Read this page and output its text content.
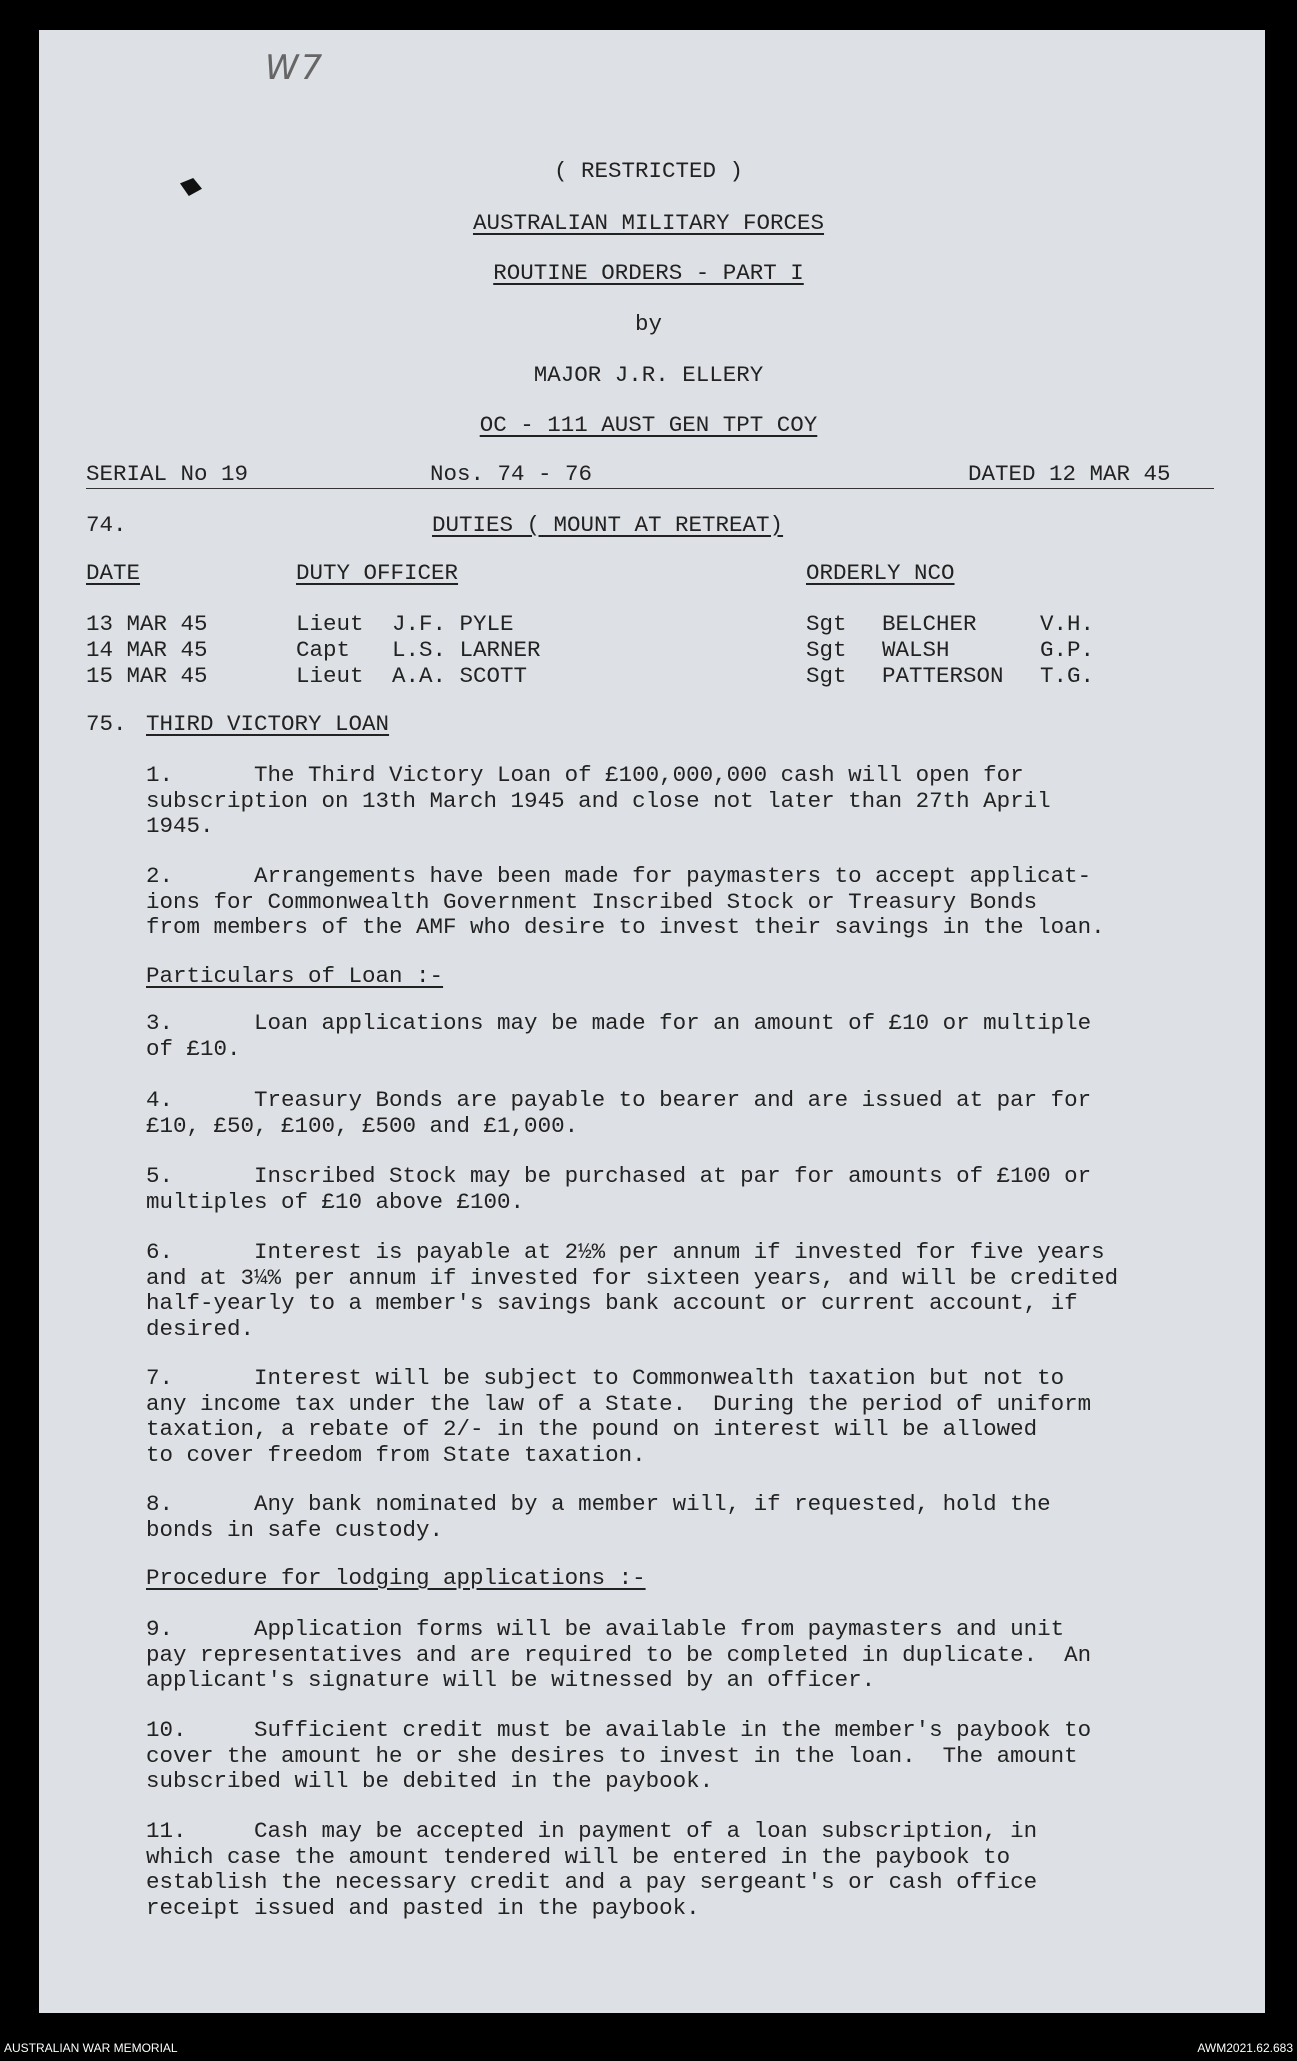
W7
( RESTRICTED )
AUSTRALIAN MILITARY FORCES
ROUTINE ORDERS - PART I
by
MAJOR J.R. ELLERY
OC - 111 AUST GEN TPT COY
SERIAL No 19	Nos. 74 - 76	DATED 12 MAR 45
74.	DUTIES ( MOUNT AT RETREAT)
DATE	DUTY OFFICER	ORDERLY NCO
13 MAR 45	Lieut J.F. PYLE	Sgt BELCHER	V.H.
14 MAR 45	Capt L.S. LARNER	Sgt WALSH	G.P.
15 MAR 45	Lieut A.A. SCOTT	Sgt PATTERSON T.G.
75. THIRD VICTORY LOAN
1.      The Third Victory Loan of £100,000,000 cash will open for
subscription on 13th March 1945 and close not later than 27th April
1945.
2.      Arrangements have been made for paymasters to accept applicat-
ions for Commonwealth Government Inscribed Stock or Treasury Bonds
from members of the AMF who desire to invest their savings in the loan.
Particulars of Loan :-
3.      Loan applications may be made for an amount of £10 or multiple
of £10.
4.      Treasury Bonds are payable to bearer and are issued at par for
£10, £50, £100, £500 and £1,000.
5.      Inscribed Stock may be purchased at par for amounts of £100 or
multiples of £10 above £100.
6.      Interest is payable at 2½% per annum if invested for five years
and at 3¼% per annum if invested for sixteen years, and will be credited
half-yearly to a member's savings bank account or current account, if
desired.
7.      Interest will be subject to Commonwealth taxation but not to
any income tax under the law of a State.  During the period of uniform
taxation, a rebate of 2/- in the pound on interest will be allowed
to cover freedom from State taxation.
8.      Any bank nominated by a member will, if requested, hold the
bonds in safe custody.
Procedure for lodging applications :-
9.      Application forms will be available from paymasters and unit
pay representatives and are required to be completed in duplicate.  An
applicant's signature will be witnessed by an officer.
10.     Sufficient credit must be available in the member's paybook to
cover the amount he or she desires to invest in the loan.  The amount
subscribed will be debited in the paybook.
11.     Cash may be accepted in payment of a loan subscription, in
which case the amount tendered will be entered in the paybook to
establish the necessary credit and a pay sergeant's or cash office
receipt issued and pasted in the paybook.
AUSTRALIAN WAR MEMORIAL	AWM2021.62.683
